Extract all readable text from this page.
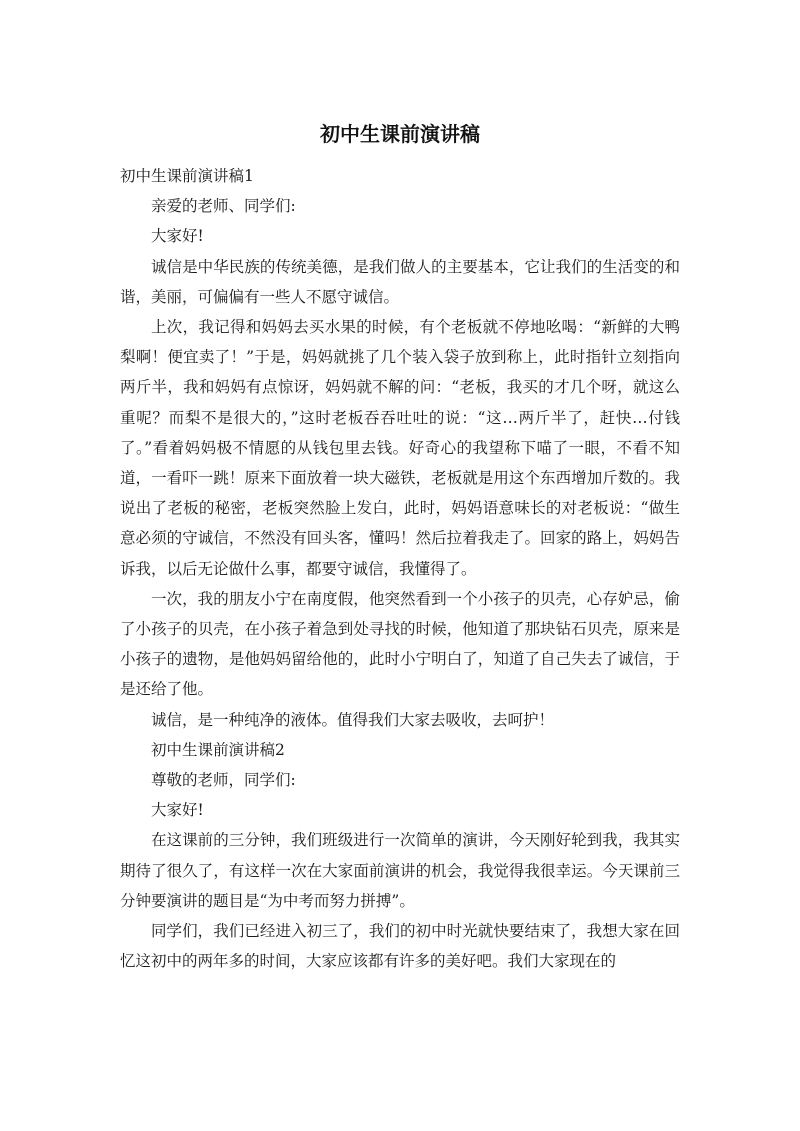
初中生课前演讲稿

初中生课前演讲稿1

亲爱的老师、同学们:

大家好!

诚信是中华民族的传统美德，是我们做人的主要基本，它让我们的生活变的和谐，美丽，可偏偏有一些人不愿守诚信。

上次，我记得和妈妈去买水果的时候，有个老板就不停地吆喝：“新鲜的大鸭梨啊！便宜卖了！”于是，妈妈就挑了几个装入袋子放到称上，此时指针立刻指向两斤半，我和妈妈有点惊讶，妈妈就不解的问：“老板，我买的才几个呀，就这么重呢？而梨不是很大的，”这时老板吞吞吐吐的说：“这…两斤半了，赶快…付钱了。”看着妈妈极不情愿的从钱包里去钱。好奇心的我望称下喵了一眼，不看不知道，一看吓一跳！原来下面放着一块大磁铁，老板就是用这个东西增加斤数的。我说出了老板的秘密，老板突然脸上发白，此时，妈妈语意味长的对老板说：“做生意必须的守诚信，不然没有回头客，懂吗！然后拉着我走了。回家的路上，妈妈告诉我，以后无论做什么事，都要守诚信，我懂得了。

一次，我的朋友小宁在南度假，他突然看到一个小孩子的贝壳，心存妒忌，偷了小孩子的贝壳，在小孩子着急到处寻找的时候，他知道了那块钻石贝壳，原来是小孩子的遗物，是他妈妈留给他的，此时小宁明白了，知道了自己失去了诚信，于是还给了他。

诚信，是一种纯净的液体。值得我们大家去吸收，去呵护！

初中生课前演讲稿2

尊敬的老师，同学们:

大家好!

在这课前的三分钟，我们班级进行一次简单的演讲，今天刚好轮到我，我其实期待了很久了，有这样一次在大家面前演讲的机会，我觉得我很幸运。今天课前三分钟要演讲的题目是“为中考而努力拼搏”。

同学们，我们已经进入初三了，我们的初中时光就快要结束了，我想大家在回忆这初中的两年多的时间，大家应该都有许多的美好吧。我们大家现在的
